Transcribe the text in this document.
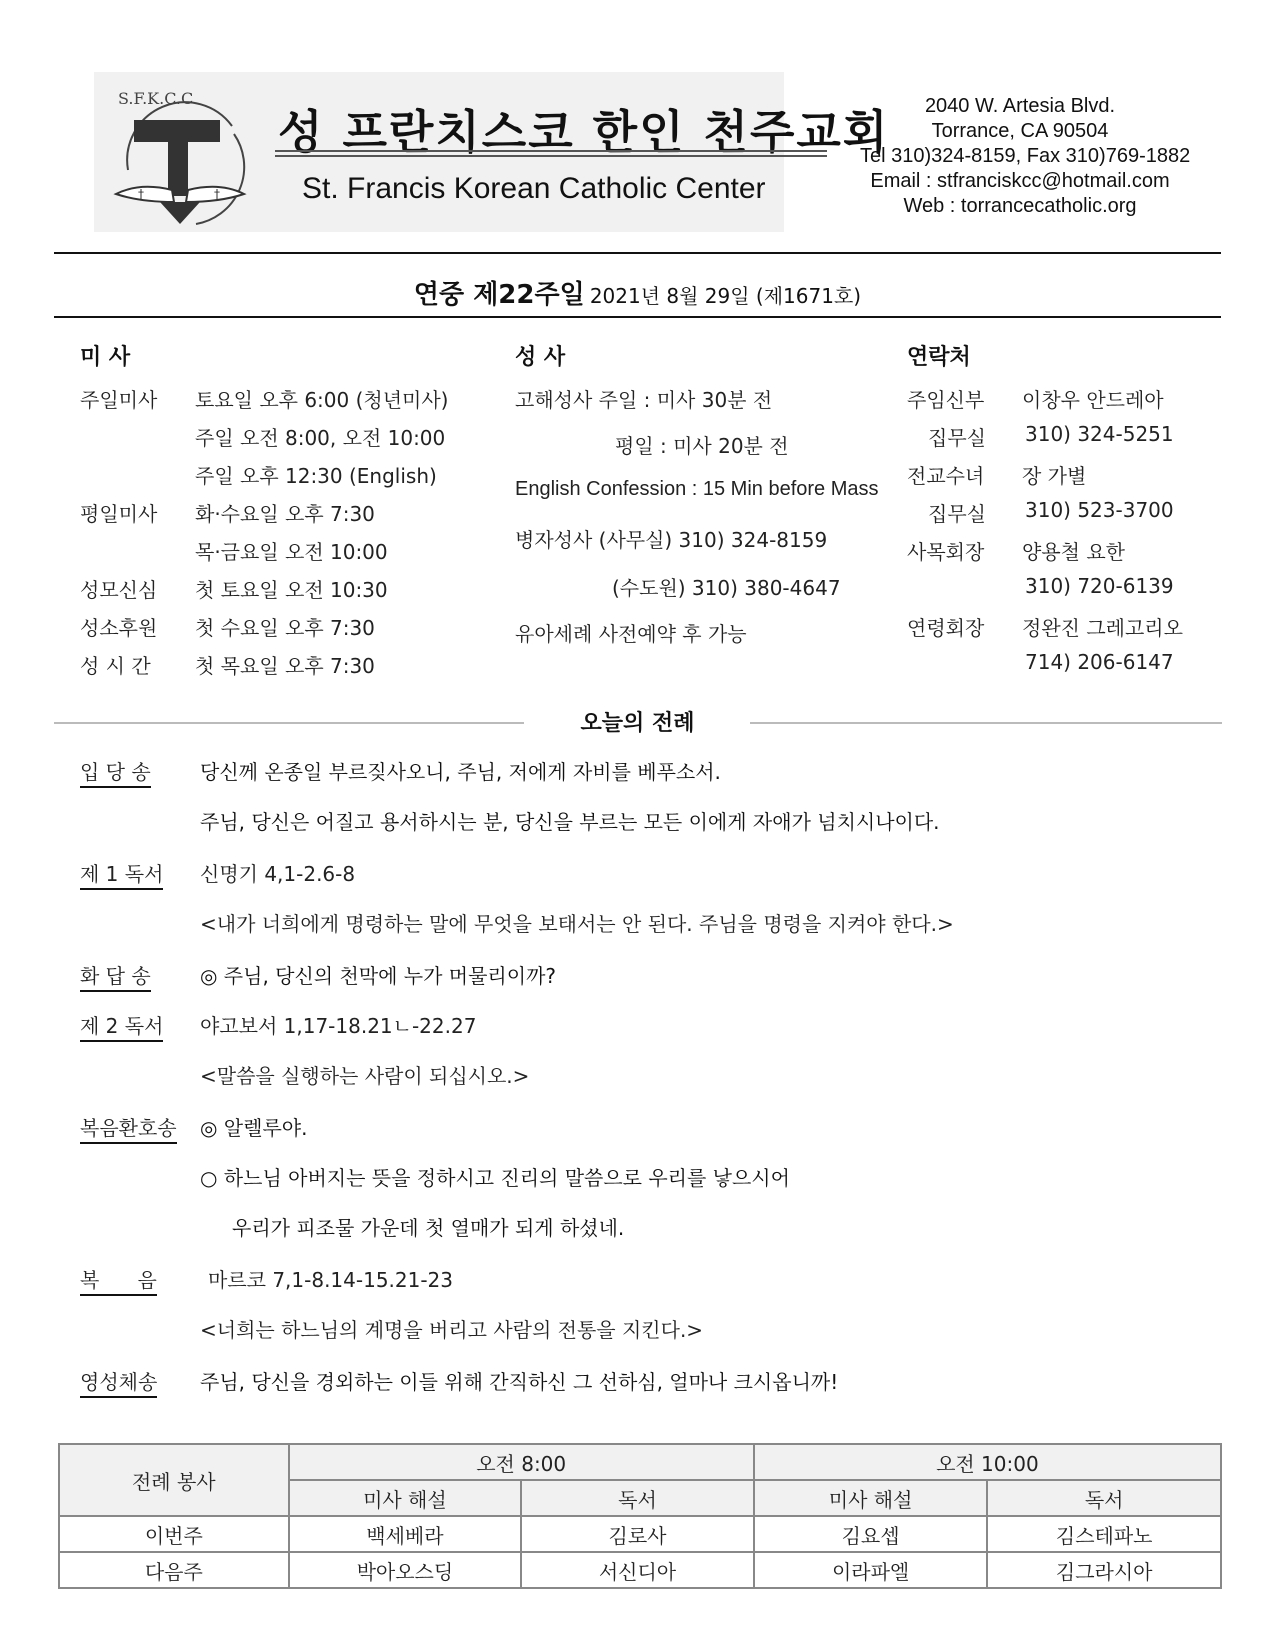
S.F.K.C.C
†	†
성 프란치스코 한인 천주교회
St. Francis Korean Catholic Center
2040 W. Artesia Blvd.
Torrance, CA 90504
Tel 310)324-8159, Fax 310)769-1882
Email : stfranciskcc@hotmail.com
Web : torrancecatholic.org
연중 제22주일 2021년 8월 29일 (제1671호)
미 사
주일미사 토요일 오후 6:00 (청년미사)
주일 오전 8:00, 오전 10:00
주일 오후 12:30 (English)
평일미사 화·수요일 오후 7:30
목·금요일 오전 10:00
성모신심 첫 토요일 오전 10:30
성소후원 첫 수요일 오후 7:30
성 시 간 첫 목요일 오후 7:30
성 사
고해성사 주일 : 미사 30분 전
평일 : 미사 20분 전
English Confession : 15 Min before Mass
병자성사 (사무실) 310) 324-8159
(수도원) 310) 380-4647
유아세례 사전예약 후 가능
연락처
주임신부 이창우 안드레아
집무실 310) 324-5251
전교수녀 장 가별
집무실 310) 523-3700
사목회장 양용철 요한
310) 720-6139
연령회장 정완진 그레고리오
714) 206-6147
오늘의 전례
입 당 송 당신께 온종일 부르짖사오니, 주님, 저에게 자비를 베푸소서.
주님, 당신은 어질고 용서하시는 분, 당신을 부르는 모든 이에게 자애가 넘치시나이다.
제 1 독서 신명기 4,1-2.6-8
<내가 너희에게 명령하는 말에 무엇을 보태서는 안 된다. 주님을 명령을 지켜야 한다.>
화 답 송 ◎ 주님, 당신의 천막에 누가 머물리이까?
제 2 독서 야고보서 1,17-18.21ㄴ-22.27
<말씀을 실행하는 사람이 되십시오.>
복음환호송 ◎ 알렐루야.
○ 하느님 아버지는 뜻을 정하시고 진리의 말씀으로 우리를 낳으시어
우리가 피조물 가운데 첫 열매가 되게 하셨네.
복      음	마르코 7,1-8.14-15.21-23
<너희는 하느님의 계명을 버리고 사람의 전통을 지킨다.>
영성체송 주님, 당신을 경외하는 이들 위해 간직하신 그 선하심, 얼마나 크시옵니까!
전례 봉사	오전 8:00		오전 10:00	
	미사 해설	독서	미사 해설	독서
이번주	백세베라	김로사	김요셉	김스테파노
다음주	박아오스딩	서신디아	이라파엘	김그라시아
